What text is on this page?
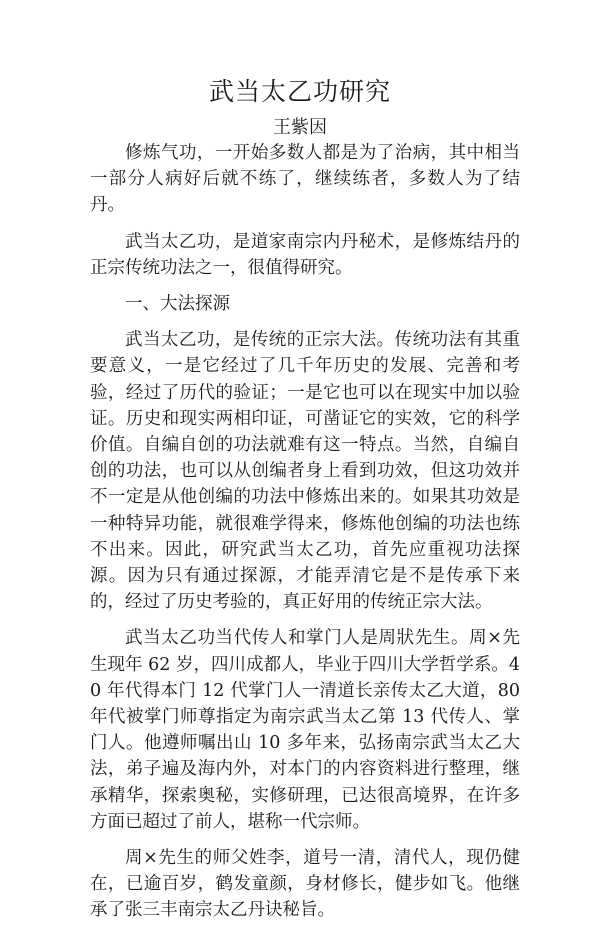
武当太乙功研究
王紫因

修炼气功，一开始多数人都是为了治病，其中相当一部分人病好后就不练了，继续练者，多数人为了结丹。

武当太乙功，是道家南宗内丹秘术，是修炼结丹的正宗传统功法之一，很值得研究。

一、大法探源

武当太乙功，是传统的正宗大法。传统功法有其重要意义，一是它经过了几千年历史的发展、完善和考验，经过了历代的验证；一是它也可以在现实中加以验证。历史和现实两相印证，可凿证它的实效，它的科学价值。自编自创的功法就难有这一特点。当然，自编自创的功法，也可以从创编者身上看到功效，但这功效并不一定是从他创编的功法中修炼出来的。如果其功效是一种特异功能，就很难学得来，修炼他创编的功法也练不出来。因此，研究武当太乙功，首先应重视功法探源。因为只有通过探源，才能弄清它是不是传承下来的，经过了历史考验的，真正好用的传统正宗大法。

武当太乙功当代传人和掌门人是周狀先生。周×先生现年 62 岁，四川成都人，毕业于四川大学哲学系。40 年代得本门 12 代掌门人一清道长亲传太乙大道，80 年代被掌门师尊指定为南宗武当太乙第 13 代传人、掌门人。他遵师嘱出山 10 多年来，弘扬南宗武当太乙大法，弟子遍及海内外，对本门的内容资料进行整理，继承精华，探索奥秘，实修研理，已达很高境界，在许多方面已超过了前人，堪称一代宗师。

周×先生的师父姓李，道号一清，清代人，现仍健在，已逾百岁，鹤发童颜，身材修长，健步如飞。他继承了张三丰南宗太乙丹诀秘旨。
